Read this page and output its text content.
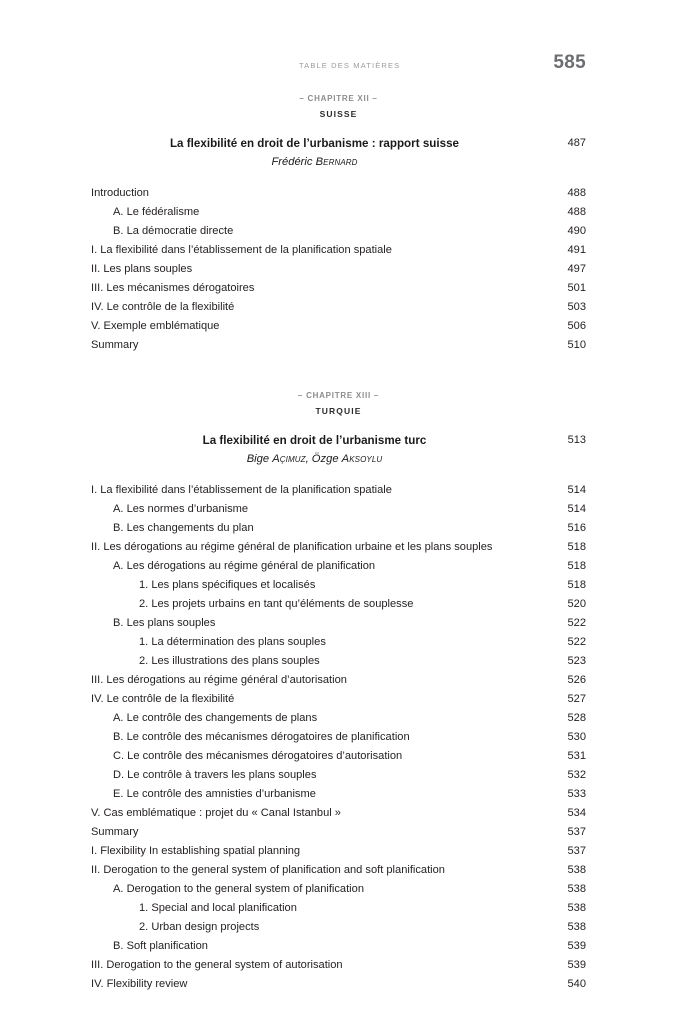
TABLE DES MATIÈRES	585
– CHAPITRE XII –
SUISSE
La flexibilité en droit de l’urbanisme : rapport suisse	487
Frédéric Bernard
Introduction	488
A. Le fédéralisme	488
B. La démocratie directe	490
I. La flexibilité dans l’établissement de la planification spatiale	491
II. Les plans souples	497
III. Les mécanismes dérogatoires	501
IV. Le contrôle de la flexibilité	503
V. Exemple emblématique	506
Summary	510
– CHAPITRE XIII –
TURQUIE
La flexibilité en droit de l’urbanisme turc	513
Bige Açımuz, Özge Aksoylu
I. La flexibilité dans l’établissement de la planification spatiale	514
A. Les normes d’urbanisme	514
B. Les changements du plan	516
II. Les dérogations au régime général de planification urbaine et les plans souples	518
A. Les dérogations au régime général de planification	518
1. Les plans spécifiques et localisés	518
2. Les projets urbains en tant qu’éléments de souplesse	520
B. Les plans souples	522
1. La détermination des plans souples	522
2. Les illustrations des plans souples	523
III. Les dérogations au régime général d’autorisation	526
IV. Le contrôle de la flexibilité	527
A. Le contrôle des changements de plans	528
B. Le contrôle des mécanismes dérogatoires de planification	530
C. Le contrôle des mécanismes dérogatoires d’autorisation	531
D. Le contrôle à travers les plans souples	532
E. Le contrôle des amnisties d’urbanisme	533
V. Cas emblématique : projet du « Canal Istanbul »	534
Summary	537
I. Flexibility In establishing spatial planning	537
II. Derogation to the general system of planification and soft planification	538
A. Derogation to the general system of planification	538
1. Special and local planification	538
2. Urban design projects	538
B. Soft planification	539
III. Derogation to the general system of autorisation	539
IV. Flexibility review	540
